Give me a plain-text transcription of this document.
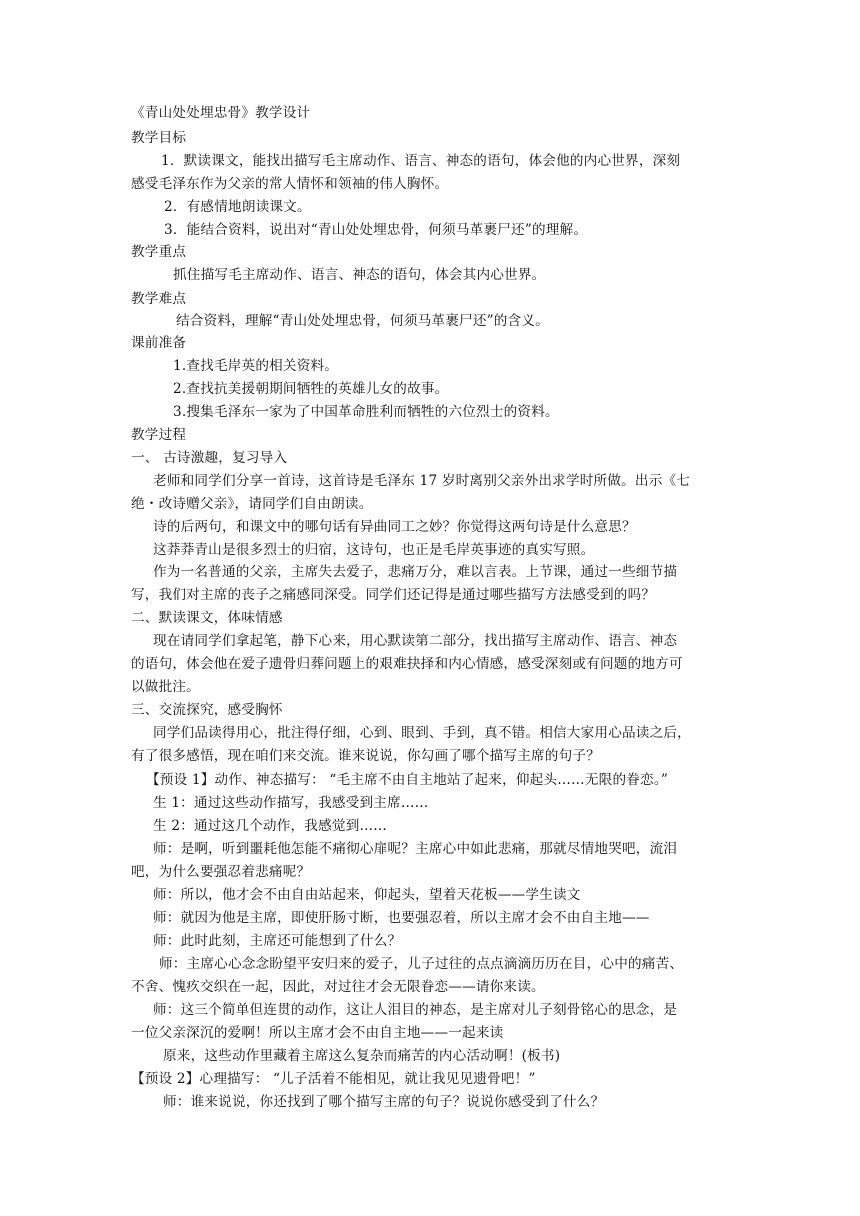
《青山处处埋忠骨》教学设计
教学目标
1．默读课文，能找出描写毛主席动作、语言、神态的语句，体会他的内心世界，深刻
感受毛泽东作为父亲的常人情怀和领袖的伟人胸怀。
2．有感情地朗读课文。
3．能结合资料，说出对“青山处处埋忠骨，何须马革裹尸还”的理解。
教学重点
抓住描写毛主席动作、语言、神态的语句，体会其内心世界。
教学难点
结合资料，理解“青山处处埋忠骨，何须马革裹尸还”的含义。
课前准备
1.查找毛岸英的相关资料。
2.查找抗美援朝期间牺牲的英雄儿女的故事。
3.搜集毛泽东一家为了中国革命胜利而牺牲的六位烈士的资料。
教学过程
一、 古诗激趣，复习导入
老师和同学们分享一首诗，这首诗是毛泽东 17 岁时离别父亲外出求学时所做。出示《七
绝・改诗赠父亲》，请同学们自由朗读。
诗的后两句，和课文中的哪句话有异曲同工之妙？你觉得这两句诗是什么意思？
这莽莽青山是很多烈士的归宿，这诗句，也正是毛岸英事迹的真实写照。
作为一名普通的父亲，主席失去爱子，悲痛万分，难以言表。上节课，通过一些细节描
写，我们对主席的丧子之痛感同深受。同学们还记得是通过哪些描写方法感受到的吗？
二、默读课文，体味情感
现在请同学们拿起笔，静下心来，用心默读第二部分，找出描写主席动作、语言、神态
的语句，体会他在爱子遗骨归葬问题上的艰难抉择和内心情感，感受深刻或有问题的地方可
以做批注。
三、交流探究，感受胸怀
同学们品读得用心，批注得仔细，心到、眼到、手到，真不错。相信大家用心品读之后，
有了很多感悟，现在咱们来交流。谁来说说，你勾画了哪个描写主席的句子？
【预设 1】动作、神态描写： “毛主席不由自主地站了起来，仰起头……无限的眷恋。”
生 1：通过这些动作描写，我感受到主席……
生 2：通过这几个动作，我感觉到……
师：是啊，听到噩耗他怎能不痛彻心扉呢？主席心中如此悲痛，那就尽情地哭吧，流泪
吧，为什么要强忍着悲痛呢？
师：所以，他才会不由自由站起来，仰起头，望着天花板——学生读文
师：就因为他是主席，即使肝肠寸断，也要强忍着，所以主席才会不由自主地——
师：此时此刻，主席还可能想到了什么？
师：主席心心念念盼望平安归来的爱子，儿子过往的点点滴滴历历在目，心中的痛苦、
不舍、愧疚交织在一起，因此，对过往才会无限眷恋——请你来读。
师：这三个简单但连贯的动作，这让人泪目的神态，是主席对儿子刻骨铭心的思念，是
一位父亲深沉的爱啊！所以主席才会不由自主地——一起来读
原来，这些动作里藏着主席这么复杂而痛苦的内心活动啊！(板书)
【预设 2】心理描写： “儿子活着不能相见，就让我见见遗骨吧！”
师：谁来说说，你还找到了哪个描写主席的句子？说说你感受到了什么？
